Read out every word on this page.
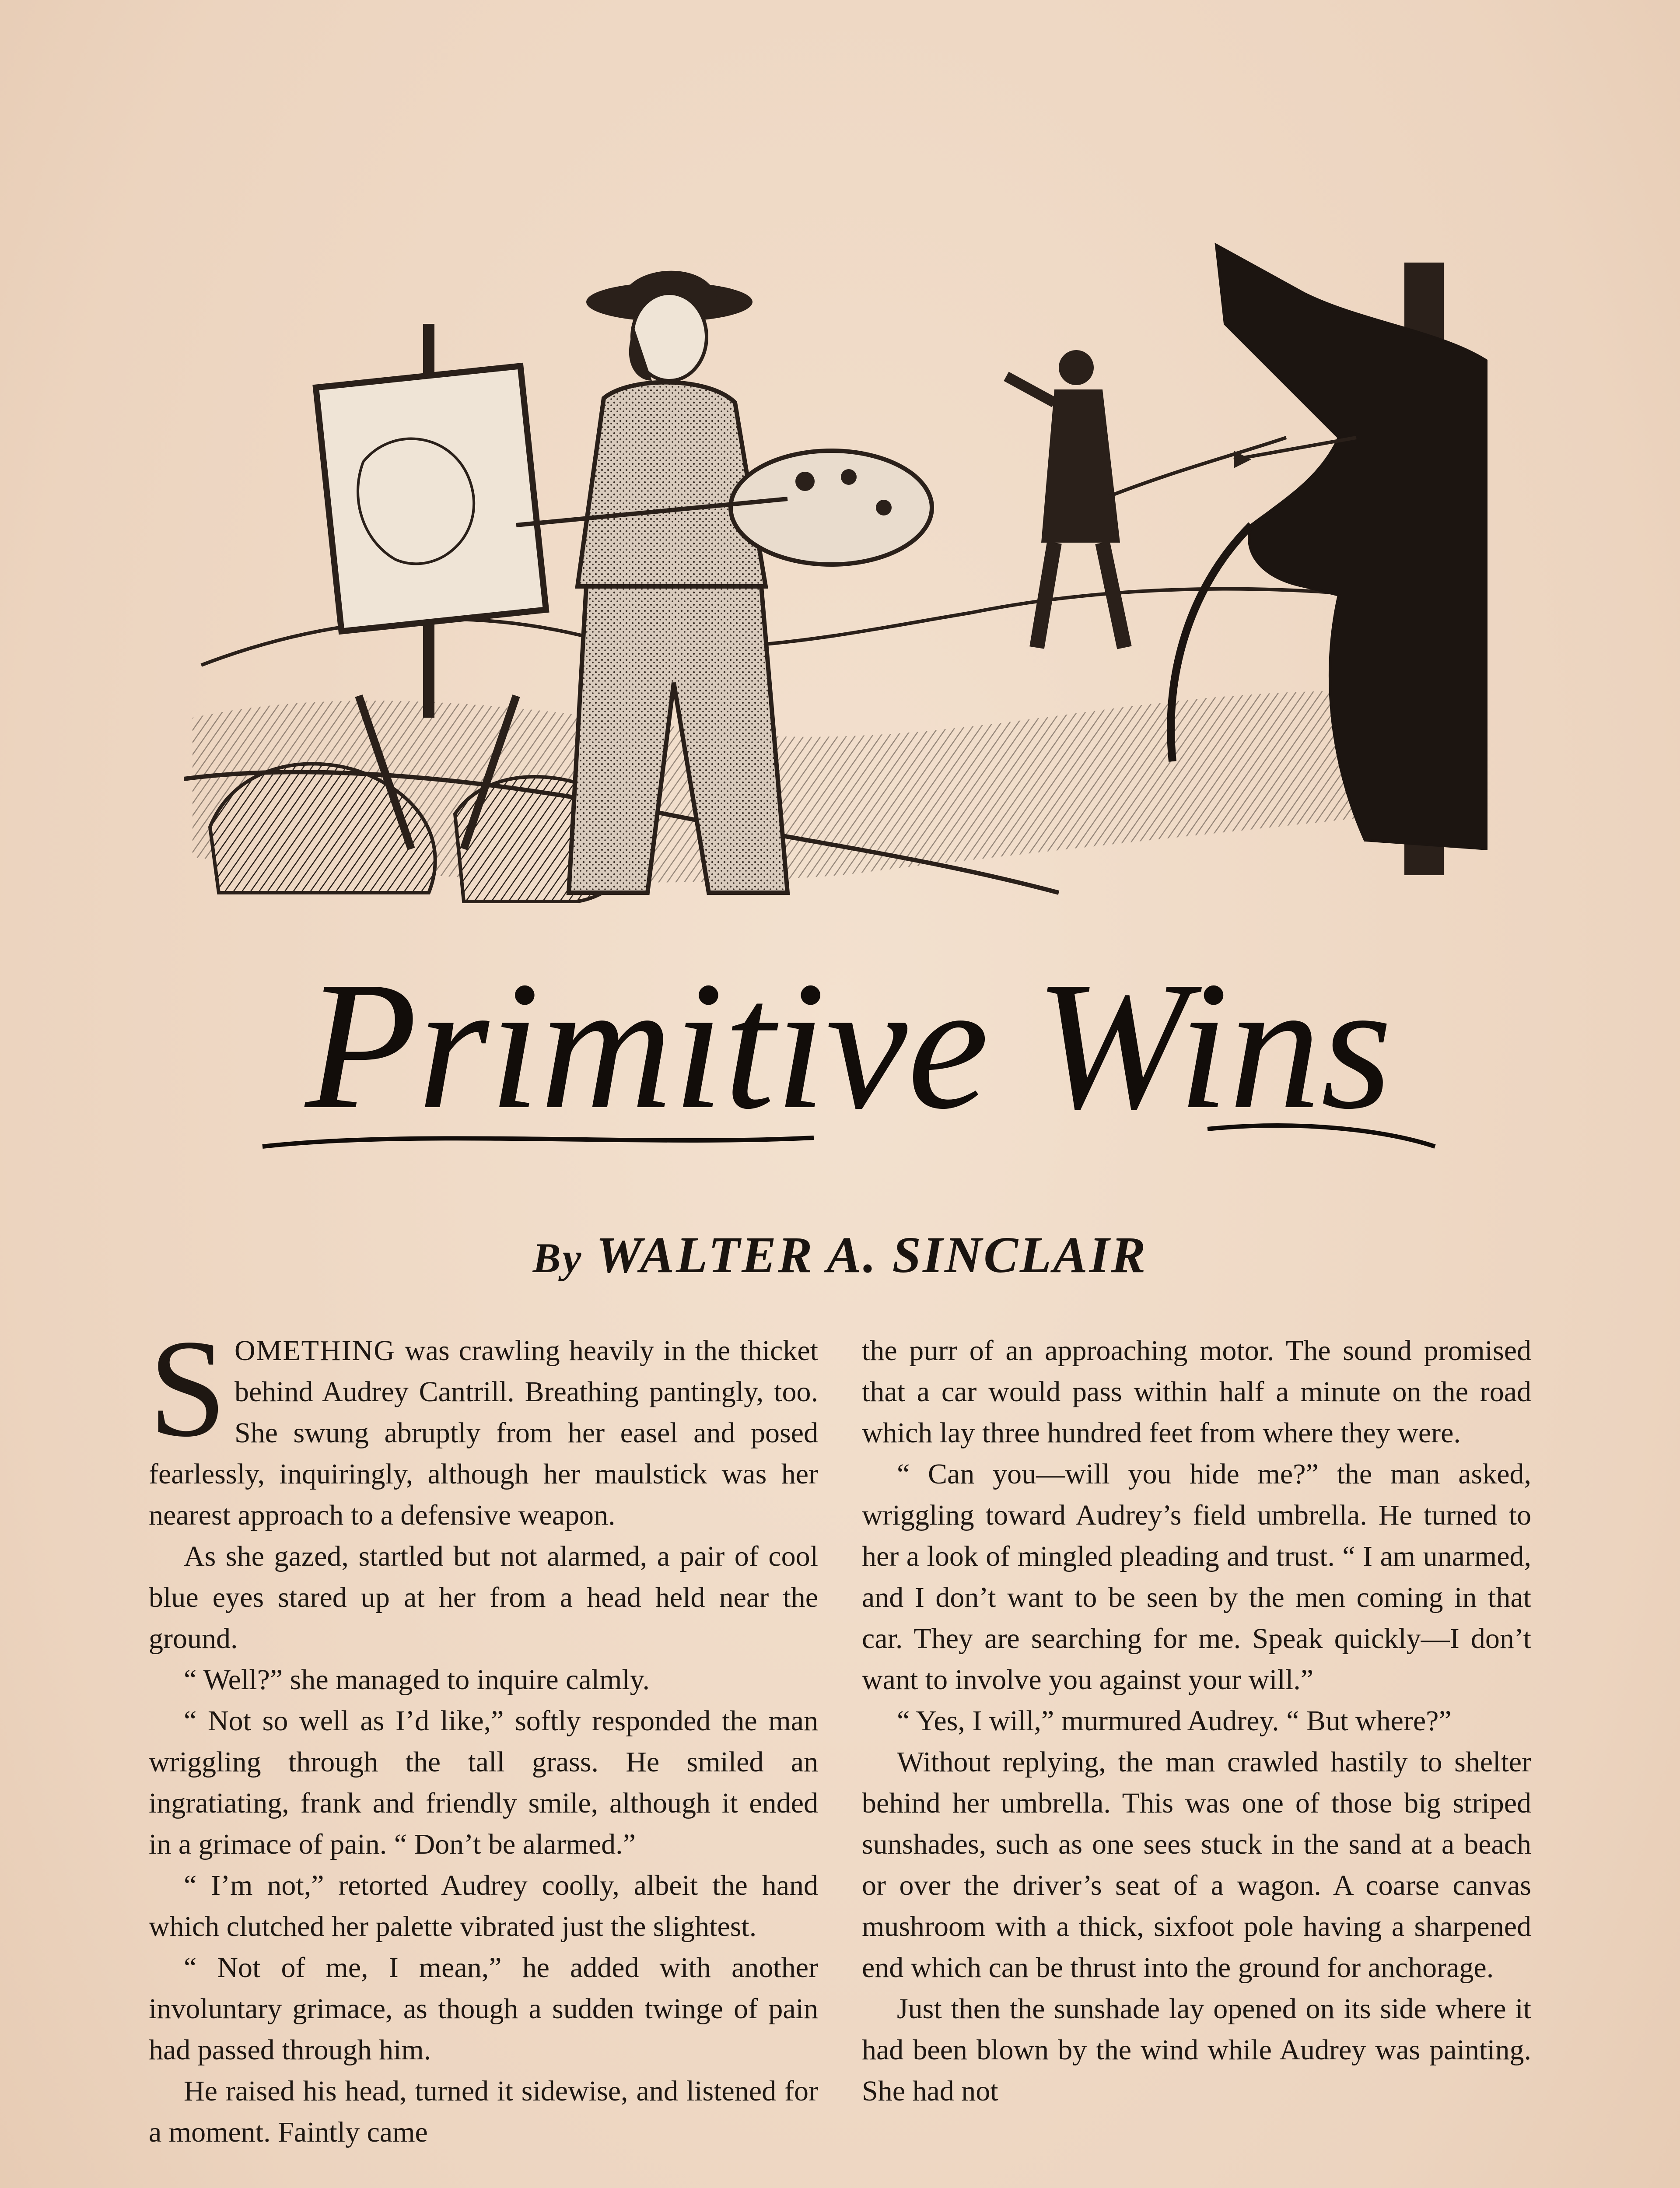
Primitive Wins
By WALTER A. SINCLAIR

SOMETHING was crawling heavily in the thicket behind Audrey Cantrill. Breathing pantingly, too. She swung abruptly from her easel and posed fearlessly, inquiringly, although her maulstick was her nearest approach to a defensive weapon.

As she gazed, startled but not alarmed, a pair of cool blue eyes stared up at her from a head held near the ground.

“ Well?” she managed to inquire calmly.

“ Not so well as I’d like,” softly responded the man wriggling through the tall grass. He smiled an ingratiating, frank and friendly smile, although it ended in a grimace of pain. “ Don’t be alarmed.”

“ I’m not,” retorted Audrey coolly, albeit the hand which clutched her palette vibrated just the slightest.

“ Not of me, I mean,” he added with another involuntary grimace, as though a sudden twinge of pain had passed through him.

He raised his head, turned it sidewise, and listened for a moment. Faintly came

the purr of an approaching motor. The sound promised that a car would pass within half a minute on the road which lay three hundred feet from where they were.

“ Can you—will you hide me?” the man asked, wriggling toward Audrey’s field umbrella. He turned to her a look of mingled pleading and trust. “ I am unarmed, and I don’t want to be seen by the men coming in that car. They are searching for me. Speak quickly—I don’t want to involve you against your will.”

“ Yes, I will,” murmured Audrey. “ But where?”

Without replying, the man crawled hastily to shelter behind her umbrella. This was one of those big striped sunshades, such as one sees stuck in the sand at a beach or over the driver’s seat of a wagon. A coarse canvas mushroom with a thick, sixfoot pole having a sharpened end which can be thrust into the ground for anchorage.

Just then the sunshade lay opened on its side where it had been blown by the wind while Audrey was painting. She had not
